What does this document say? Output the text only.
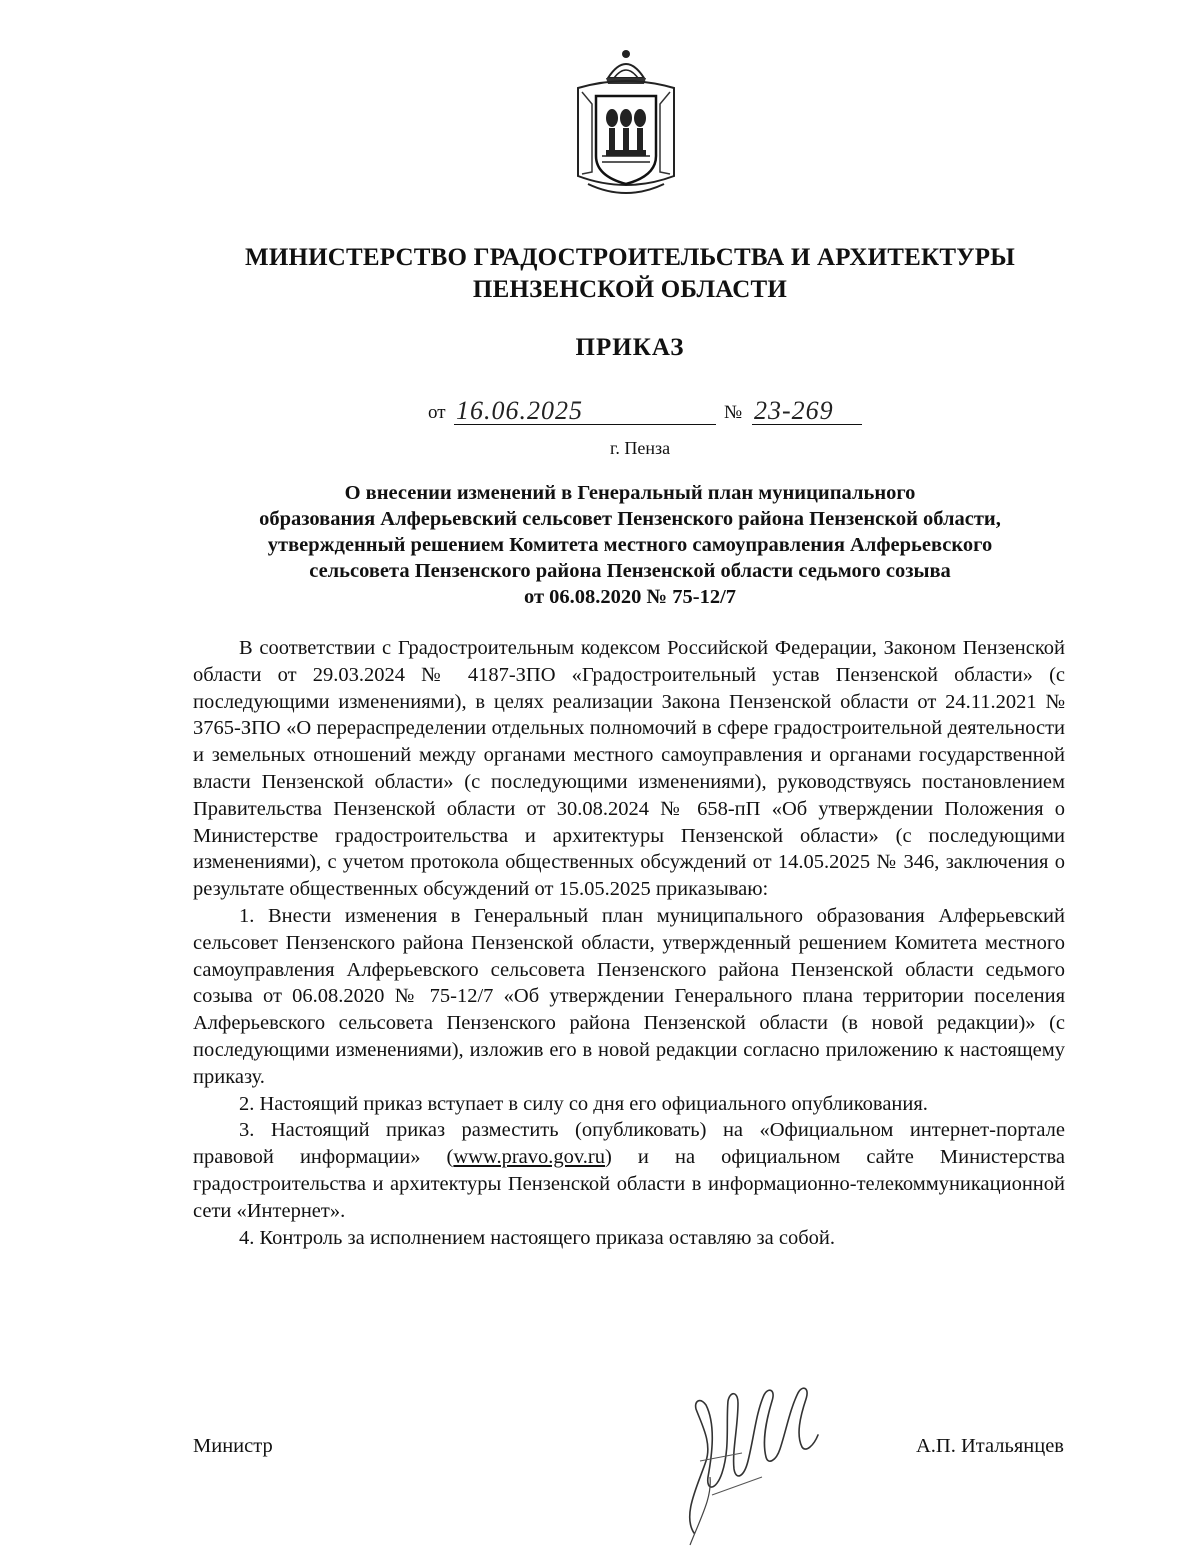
МИНИСТЕРСТВО ГРАДОСТРОИТЕЛЬСТВА И АРХИТЕКТУРЫ
ПЕНЗЕНСКОЙ ОБЛАСТИ
ПРИКАЗ
от 16.06.2025	№ 23-269
г. Пенза
О внесении изменений в Генеральный план муниципального
образования Алферьевский сельсовет Пензенского района Пензенской области,
утвержденный решением Комитета местного самоуправления Алферьевского
сельсовета Пензенского района Пензенской области седьмого созыва
от 06.08.2020 № 75-12/7

В соответствии с Градостроительным кодексом Российской Федерации, Законом Пензенской области от 29.03.2024 № 4187-ЗПО «Градостроительный устав Пензенской области» (с последующими изменениями), в целях реализации Закона Пензенской области от 24.11.2021 № 3765-ЗПО «О перераспределении отдельных полномочий в сфере градостроительной деятельности и земельных отношений между органами местного самоуправления и органами государственной власти Пензенской области» (с последующими изменениями), руководствуясь постановлением Правительства Пензенской области от 30.08.2024 № 658-пП «Об утверждении Положения о Министерстве градостроительства и архитектуры Пензенской области» (с последующими изменениями), с учетом протокола общественных обсуждений от 14.05.2025 № 346, заключения о результате общественных обсуждений от 15.05.2025 приказываю:

1. Внести изменения в Генеральный план муниципального образования Алферьевский сельсовет Пензенского района Пензенской области, утвержденный решением Комитета местного самоуправления Алферьевского сельсовета Пензенского района Пензенской области седьмого созыва от 06.08.2020 № 75-12/7 «Об утверждении Генерального плана территории поселения Алферьевского сельсовета Пензенского района Пензенской области (в новой редакции)» (с последующими изменениями), изложив его в новой редакции согласно приложению к настоящему приказу.

2. Настоящий приказ вступает в силу со дня его официального опубликования.

3. Настоящий приказ разместить (опубликовать) на «Официальном интернет-портале правовой информации» (www.pravo.gov.ru) и на официальном сайте Министерства градостроительства и архитектуры Пензенской области в информационно-телекоммуникационной сети «Интернет».

4. Контроль за исполнением настоящего приказа оставляю за собой.

Министр	А.П. Итальянцев
